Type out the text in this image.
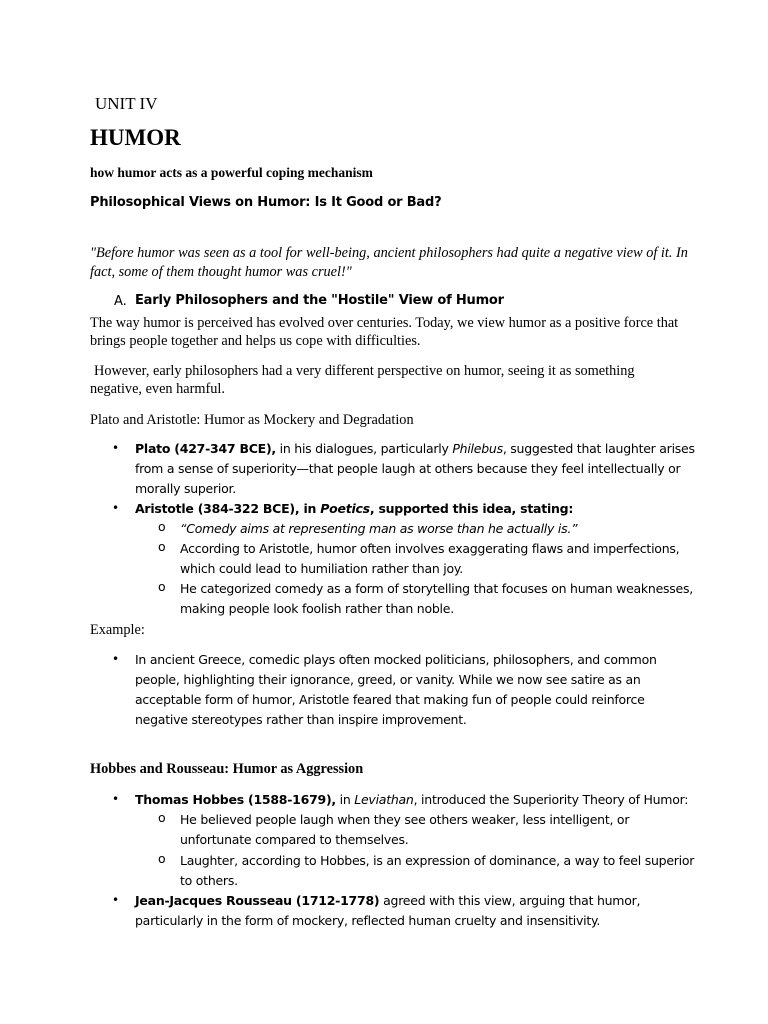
UNIT IV
HUMOR
how humor acts as a powerful coping mechanism
Philosophical Views on Humor: Is It Good or Bad?
"Before humor was seen as a tool for well-being, ancient philosophers had quite a negative view of it. In fact, some of them thought humor was cruel!"
A. Early Philosophers and the "Hostile" View of Humor
The way humor is perceived has evolved over centuries. Today, we view humor as a positive force that brings people together and helps us cope with difficulties.
However, early philosophers had a very different perspective on humor, seeing it as something negative, even harmful.
Plato and Aristotle: Humor as Mockery and Degradation
• Plato (427-347 BCE), in his dialogues, particularly Philebus, suggested that laughter arises from a sense of superiority—that people laugh at others because they feel intellectually or morally superior.
• Aristotle (384-322 BCE), in Poetics, supported this idea, stating:
o “Comedy aims at representing man as worse than he actually is.”
o According to Aristotle, humor often involves exaggerating flaws and imperfections, which could lead to humiliation rather than joy.
o He categorized comedy as a form of storytelling that focuses on human weaknesses, making people look foolish rather than noble.
Example:
• In ancient Greece, comedic plays often mocked politicians, philosophers, and common people, highlighting their ignorance, greed, or vanity. While we now see satire as an acceptable form of humor, Aristotle feared that making fun of people could reinforce negative stereotypes rather than inspire improvement.
Hobbes and Rousseau: Humor as Aggression
• Thomas Hobbes (1588-1679), in Leviathan, introduced the Superiority Theory of Humor:
o He believed people laugh when they see others weaker, less intelligent, or unfortunate compared to themselves.
o Laughter, according to Hobbes, is an expression of dominance, a way to feel superior to others.
• Jean-Jacques Rousseau (1712-1778) agreed with this view, arguing that humor, particularly in the form of mockery, reflected human cruelty and insensitivity.
